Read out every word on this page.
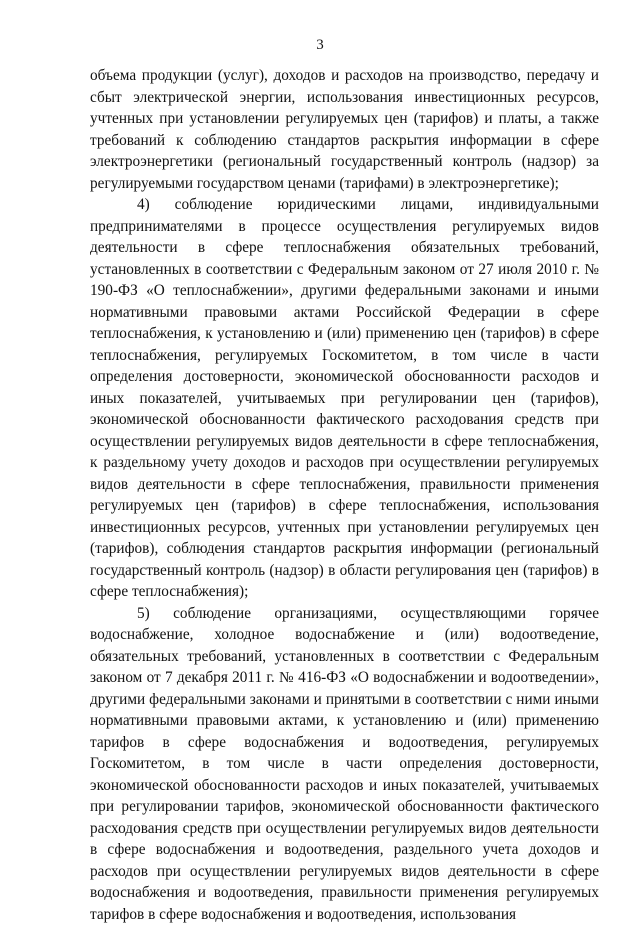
3

объема продукции (услуг), доходов и расходов на производство, передачу и сбыт электрической энергии, использования инвестиционных ресурсов, учтенных при установлении регулируемых цен (тарифов) и платы, а также требований к соблюдению стандартов раскрытия информации в сфере электроэнергетики (региональный государственный контроль (надзор) за регулируемыми государством ценами (тарифами) в электроэнергетике);

4) соблюдение юридическими лицами, индивидуальными предпринимателями в процессе осуществления регулируемых видов деятельности в сфере теплоснабжения обязательных требований, установленных в соответствии с Федеральным законом от 27 июля 2010 г. № 190-ФЗ «О теплоснабжении», другими федеральными законами и иными нормативными правовыми актами Российской Федерации в сфере теплоснабжения, к установлению и (или) применению цен (тарифов) в сфере теплоснабжения, регулируемых Госкомитетом, в том числе в части определения достоверности, экономической обоснованности расходов и иных показателей, учитываемых при регулировании цен (тарифов), экономической обоснованности фактического расходования средств при осуществлении регулируемых видов деятельности в сфере теплоснабжения, к раздельному учету доходов и расходов при осуществлении регулируемых видов деятельности в сфере теплоснабжения, правильности применения регулируемых цен (тарифов) в сфере теплоснабжения, использования инвестиционных ресурсов, учтенных при установлении регулируемых цен (тарифов), соблюдения стандартов раскрытия информации (региональный государственный контроль (надзор) в области регулирования цен (тарифов) в сфере теплоснабжения);

5) соблюдение организациями, осуществляющими горячее водоснабжение, холодное водоснабжение и (или) водоотведение, обязательных требований, установленных в соответствии с Федеральным законом от 7 декабря 2011 г. № 416-ФЗ «О водоснабжении и водоотведении», другими федеральными законами и принятыми в соответствии с ними иными нормативными правовыми актами, к установлению и (или) применению тарифов в сфере водоснабжения и водоотведения, регулируемых Госкомитетом, в том числе в части определения достоверности, экономической обоснованности расходов и иных показателей, учитываемых при регулировании тарифов, экономической обоснованности фактического расходования средств при осуществлении регулируемых видов деятельности в сфере водоснабжения и водоотведения, раздельного учета доходов и расходов при осуществлении регулируемых видов деятельности в сфере водоснабжения и водоотведения, правильности применения регулируемых тарифов в сфере водоснабжения и водоотведения, использования
